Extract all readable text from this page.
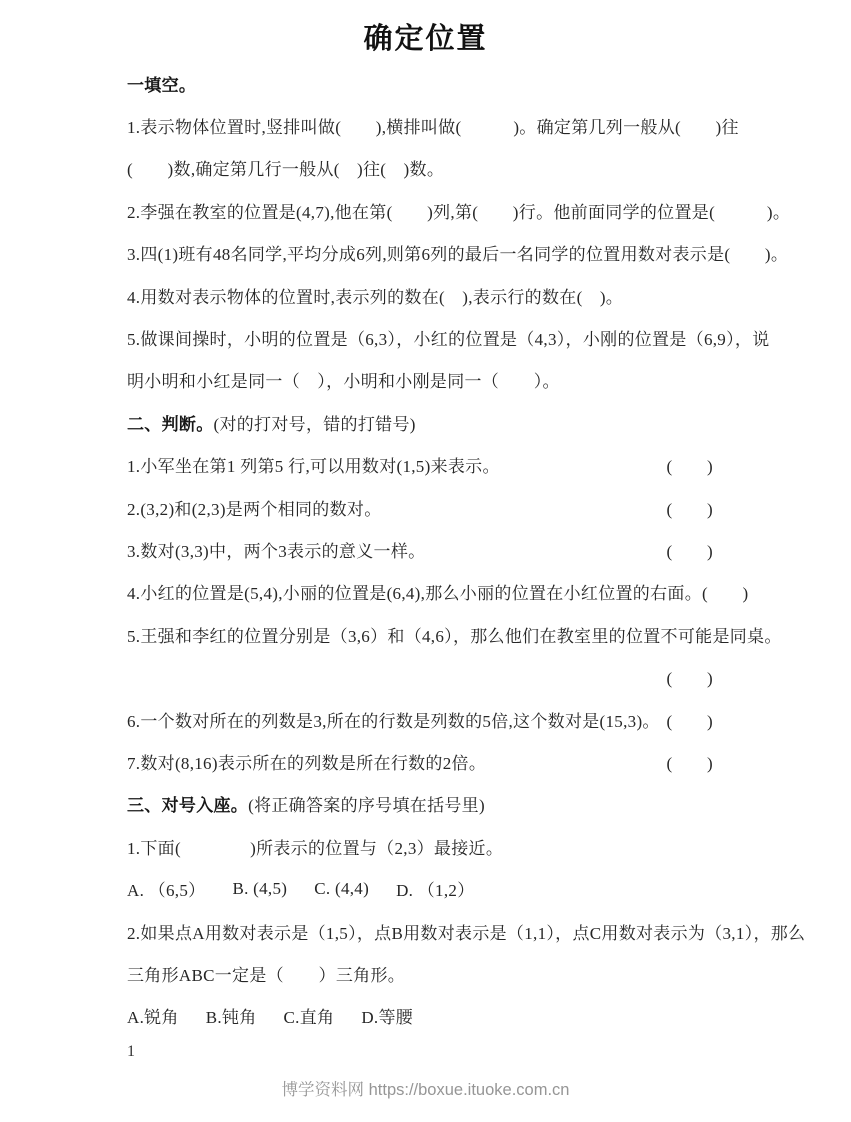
确定位置
一填空。
1.表示物体位置时,竖排叫做(　　),横排叫做(　　　)。确定第几列一般从(　　)往
(　　)数,确定第几行一般从(　)往(　)数。
2.李强在教室的位置是(4,7),他在第(　　)列,第(　　)行。他前面同学的位置是(　　　)。
3.四(1)班有48名同学,平均分成6列,则第6列的最后一名同学的位置用数对表示是(　　)。
4.用数对表示物体的位置时,表示列的数在(　),表示行的数在(　)。
5.做课间操时，小明的位置是（6,3），小红的位置是（4,3），小刚的位置是（6,9），说
明小明和小红是同一（　），小明和小刚是同一（　　）。
二、判断。 (对的打对号，错的打错号)
1.小军坐在第1 列第5 行,可以用数对(1,5)来表示。	(　　)
2.(3,2)和(2,3)是两个相同的数对。	(　　)
3.数对(3,3)中，两个3表示的意义一样。	(　　)
4.小红的位置是(5,4),小丽的位置是(6,4),那么小丽的位置在小红位置的右面。 (　　)
5.王强和李红的位置分别是（3,6）和（4,6），那么他们在教室里的位置不可能是同桌。
(　　)
6.一个数对所在的列数是3,所在的行数是列数的5倍,这个数对是(15,3)。 (　　)
7.数对(8,16)表示所在的列数是所在行数的2倍。	(　　)
三、对号入座。 (将正确答案的序号填在括号里)
1.下面(　　　　)所表示的位置与（2,3）最接近。
A. （6,5） B. (4,5) C. (4,4) D. （1,2）
2.如果点A用数对表示是（1,5），点B用数对表示是（1,1），点C用数对表示为（3,1），那么
三角形ABC一定是（　　）三角形。
A.锐角 B.钝角 C.直角 D.等腰
1
博学资料网 https://boxue.ituoke.com.cn
